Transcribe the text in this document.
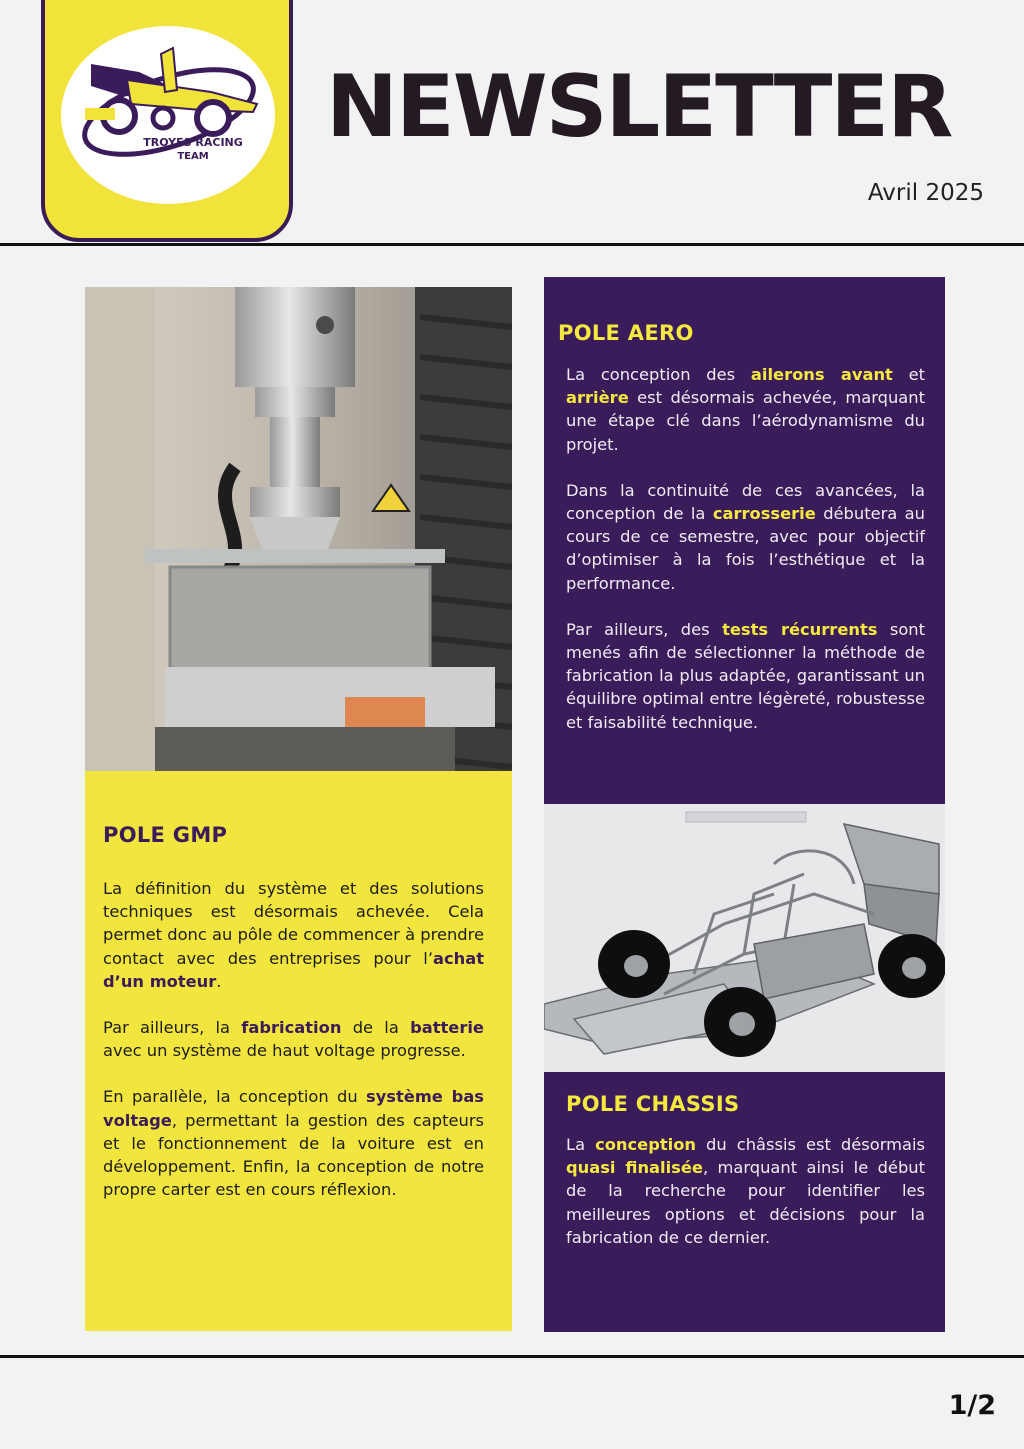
TROYES RACING
TEAM NEWSLETTER
Avril 2025
POLE GMP
La définition du système et des solutions techniques est désormais achevée. Cela permet donc au pôle de commencer à prendre contact avec des entreprises pour l’achat d’un moteur.
Par ailleurs, la fabrication de la batterie avec un système de haut voltage progresse.
En parallèle, la conception du système bas voltage, permettant la gestion des capteurs et le fonctionnement de la voiture est en développement. Enfin, la conception de notre propre carter est en cours réflexion.
POLE AERO
La conception des ailerons avant et arrière est désormais achevée, marquant une étape clé dans l’aérodynamisme du projet.
Dans la continuité de ces avancées, la conception de la carrosserie débutera au cours de ce semestre, avec pour objectif d’optimiser à la fois l’esthétique et la performance.
Par ailleurs, des tests récurrents sont menés afin de sélectionner la méthode de fabrication la plus adaptée, garantissant un équilibre optimal entre légèreté, robustesse et faisabilité technique.
POLE CHASSIS
La conception du châssis est désormais quasi finalisée, marquant ainsi le début de la recherche pour identifier les meilleures options et décisions pour la fabrication de ce dernier.
1/2
